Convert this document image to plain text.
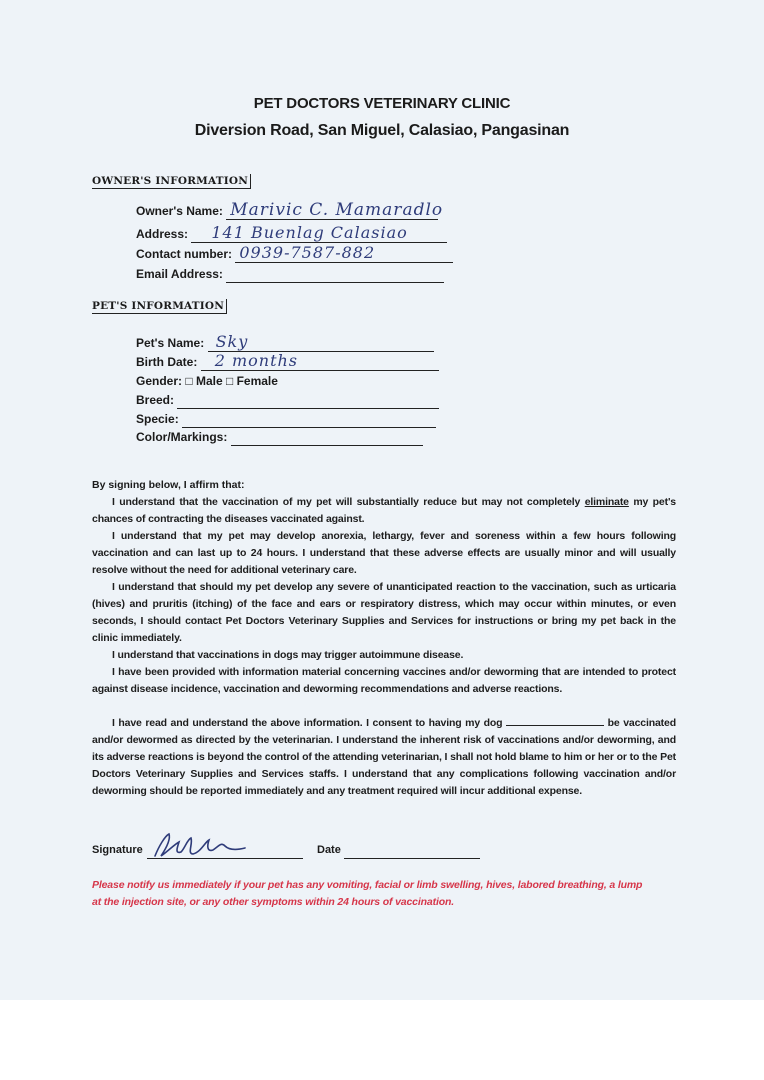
PET DOCTORS VETERINARY CLINIC
Diversion Road, San Miguel, Calasiao, Pangasinan
OWNER'S INFORMATION
Owner's Name: Marivic C. Mamaradlo
Address: 141 Buenlag Calasiao
Contact number: 0939-7587-882
Email Address:
PET'S INFORMATION
Pet's Name: Sky
Birth Date: 2 months
Gender: □ Male □ Female
Breed:
Specie:
Color/Markings:
By signing below, I affirm that:
I understand that the vaccination of my pet will substantially reduce but may not completely eliminate my pet's chances of contracting the diseases vaccinated against.
I understand that my pet may develop anorexia, lethargy, fever and soreness within a few hours following vaccination and can last up to 24 hours. I understand that these adverse effects are usually minor and will usually resolve without the need for additional veterinary care.
I understand that should my pet develop any severe of unanticipated reaction to the vaccination, such as urticaria (hives) and pruritis (itching) of the face and ears or respiratory distress, which may occur within minutes, or even seconds, I should contact Pet Doctors Veterinary Supplies and Services for instructions or bring my pet back in the clinic immediately.
I understand that vaccinations in dogs may trigger autoimmune disease.
I have been provided with information material concerning vaccines and/or deworming that are intended to protect against disease incidence, vaccination and deworming recommendations and adverse reactions.
I have read and understand the above information. I consent to having my dog	be vaccinated and/or dewormed as directed by the veterinarian. I understand the inherent risk of vaccinations and/or deworming, and its adverse reactions is beyond the control of the attending veterinarian, I shall not hold blame to him or her or to the Pet Doctors Veterinary Supplies and Services staffs. I understand that any complications following vaccination and/or deworming should be reported immediately and any treatment required will incur additional expense.
Signature	Date
Please notify us immediately if your pet has any vomiting, facial or limb swelling, hives, labored breathing, a lump at the injection site, or any other symptoms within 24 hours of vaccination.
